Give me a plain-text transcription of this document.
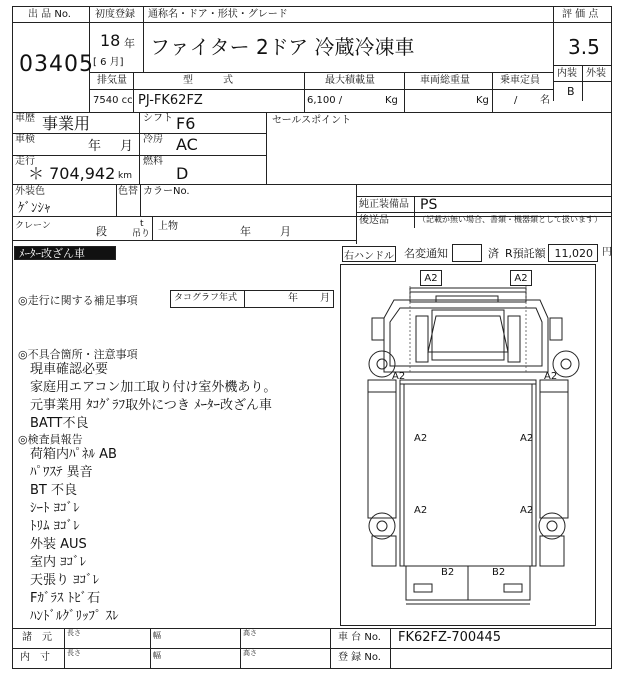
出 品 No.
03405
初度登録 通称名・ドア・形状・グレード	評 価 点
18 年
[ 6 月]
ファイター 2ドア 冷蔵冷凍車	3.5
内装 外装
B
排気量	型　　　式	最大積載量	車両総重量	乗車定員
7540 cc PJ-FK62FZ	6,100 /	Kg	Kg	/ 名
車歴 事業用	シフト F6
車検	年 月 冷房 AC
走行
＊ 704,942 km
燃料
D
セールスポイント
外装色
ｹﾞﾝｼｬ
色替 カラーNo.
純正装備品 PS
後送品	（記載が無い場合、書類・機器類として扱います）
クレーン	段
t
吊り
上物	年	月
ﾒｰﾀｰ改ざん車	右ハンドル 名変通知	済 R預託額 11,020 円
◎走行に関する補足事項	タコグラフ年式	年 月
◎不具合箇所・注意事項
現車確認必要
家庭用エアコン加工取り付け室外機あり。
元事業用 ﾀｺｸﾞﾗﾌ取外につき ﾒｰﾀｰ改ざん車
BATT不良
◎検査員報告
荷箱内ﾊﾟﾈﾙ AB
ﾊﾟﾜｽﾃ 異音
BT 不良
ｼｰﾄ ﾖｺﾞﾚ
ﾄﾘﾑ ﾖｺﾞﾚ
外装 AUS
室内 ﾖｺﾞﾚ
天張り ﾖｺﾞﾚ
Fｶﾞﾗｽ ﾄﾋﾞ石
ﾊﾝﾄﾞﾙｸﾞﾘｯﾌﾟ ｽﾚ
A2	A2
A2	A2
A2	A2
A2	A2
B2	B2
諸　元 長さ	幅	高さ
内　寸 長さ	幅	高さ
車 台 No. FK62FZ-700445
登 録 No.
